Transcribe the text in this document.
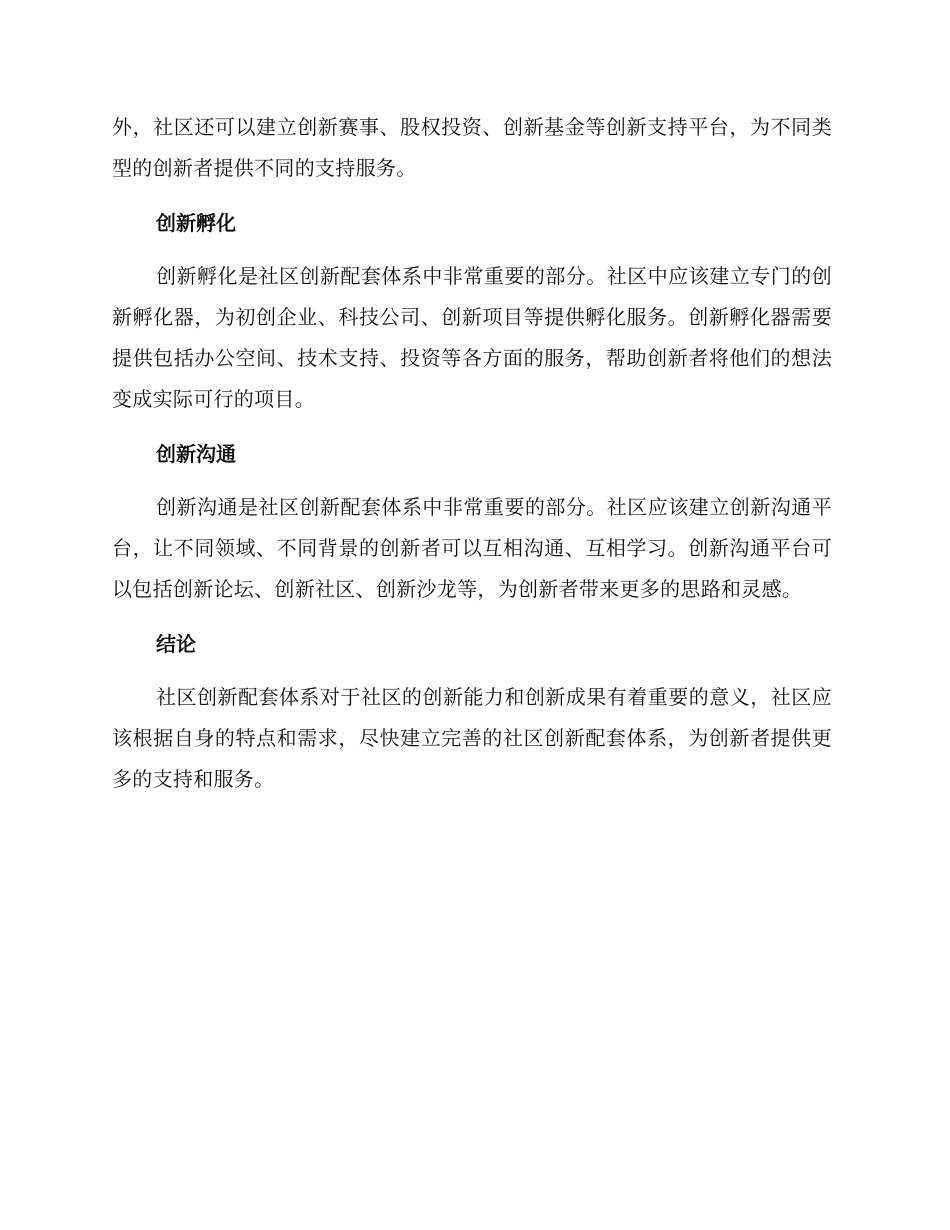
外，社区还可以建立创新赛事、股权投资、创新基金等创新支持平台，为不同类型的创新者提供不同的支持服务。

创新孵化

创新孵化是社区创新配套体系中非常重要的部分。社区中应该建立专门的创新孵化器，为初创企业、科技公司、创新项目等提供孵化服务。创新孵化器需要提供包括办公空间、技术支持、投资等各方面的服务，帮助创新者将他们的想法变成实际可行的项目。

创新沟通

创新沟通是社区创新配套体系中非常重要的部分。社区应该建立创新沟通平台，让不同领域、不同背景的创新者可以互相沟通、互相学习。创新沟通平台可以包括创新论坛、创新社区、创新沙龙等，为创新者带来更多的思路和灵感。

结论

社区创新配套体系对于社区的创新能力和创新成果有着重要的意义，社区应该根据自身的特点和需求，尽快建立完善的社区创新配套体系，为创新者提供更多的支持和服务。
